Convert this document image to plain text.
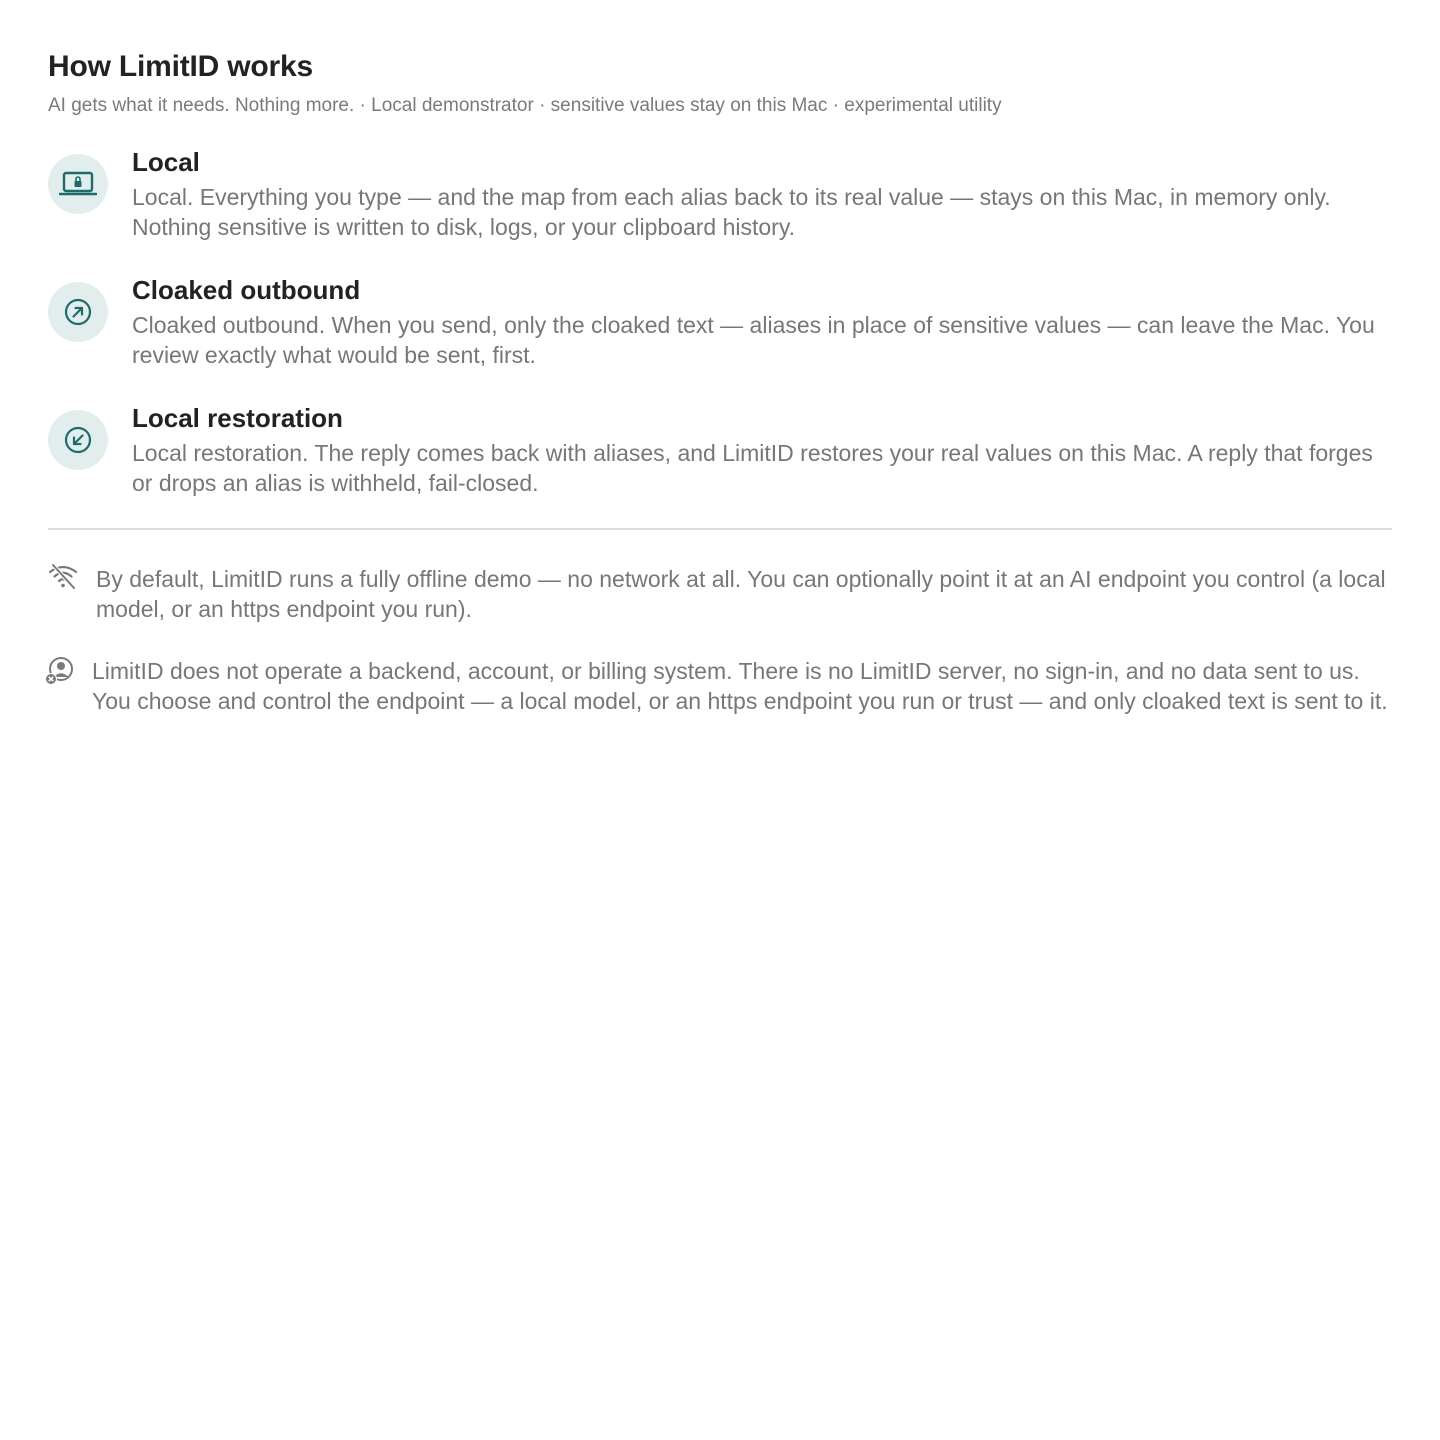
How LimitID works
AI gets what it needs. Nothing more. · Local demonstrator · sensitive values stay on this Mac · experimental utility
Local
Local. Everything you type — and the map from each alias back to its real value — stays on this Mac, in memory only. Nothing sensitive is written to disk, logs, or your clipboard history.
Cloaked outbound
Cloaked outbound. When you send, only the cloaked text — aliases in place of sensitive values — can leave the Mac. You review exactly what would be sent, first.
Local restoration
Local restoration. The reply comes back with aliases, and LimitID restores your real values on this Mac. A reply that forges or drops an alias is withheld, fail-closed.
By default, LimitID runs a fully offline demo — no network at all. You can optionally point it at an AI endpoint you control (a local model, or an https endpoint you run).
LimitID does not operate a backend, account, or billing system. There is no LimitID server, no sign-in, and no data sent to us. You choose and control the endpoint — a local model, or an https endpoint you run or trust — and only cloaked text is sent to it.
